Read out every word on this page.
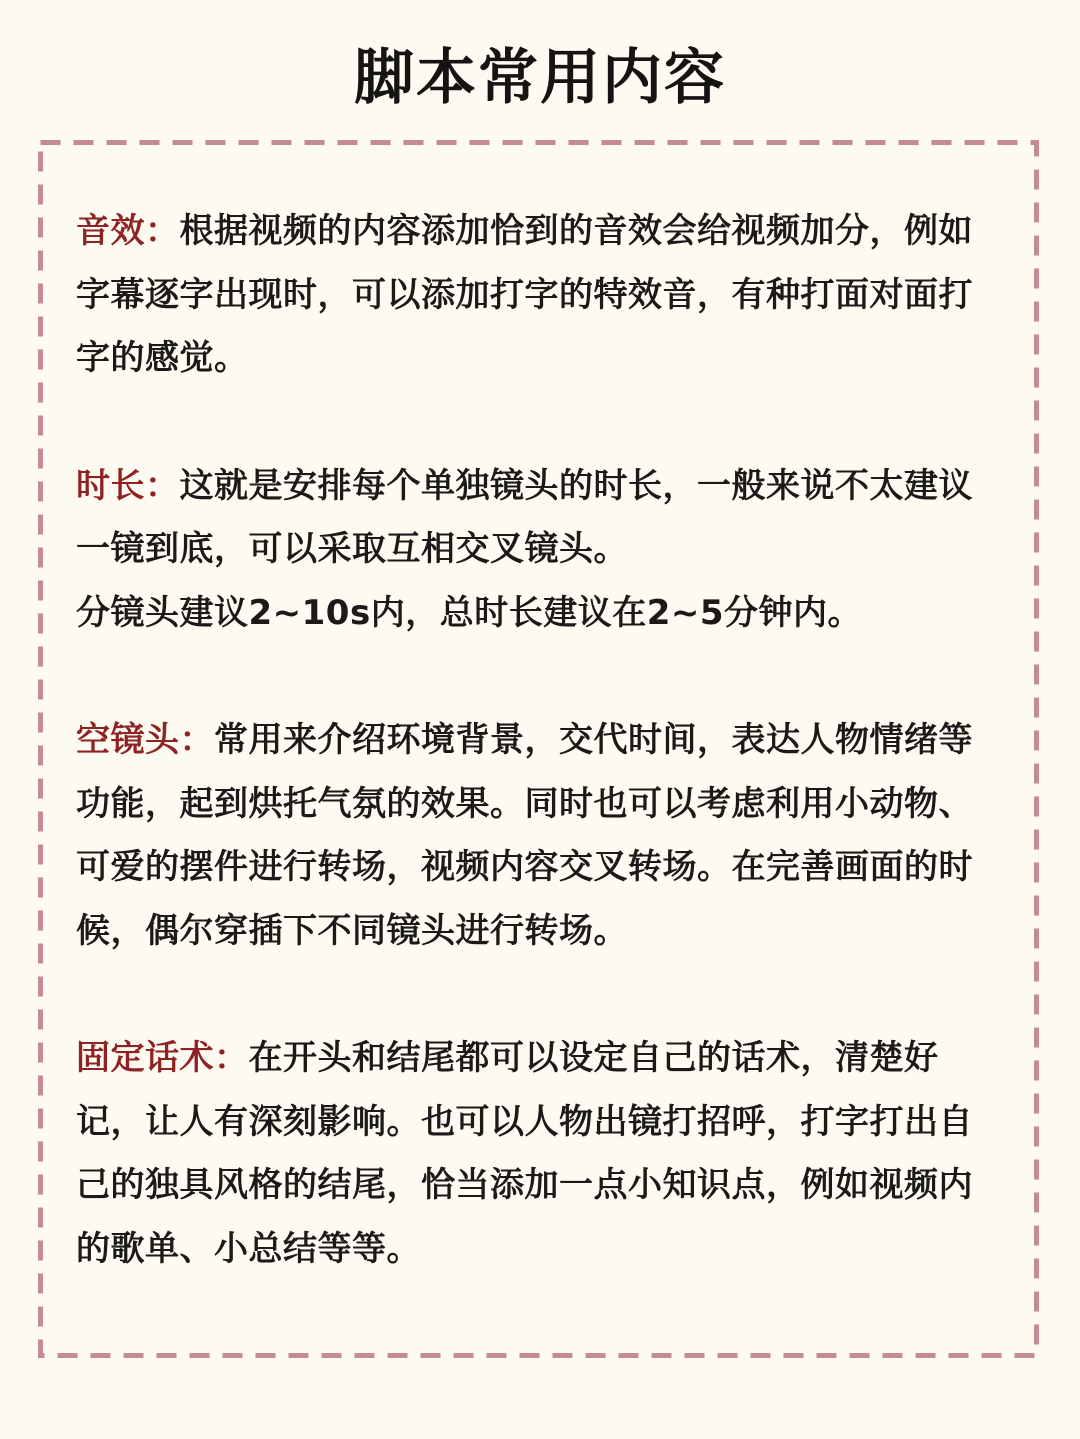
脚本常用内容

音效：根据视频的内容添加恰到的音效会给视频加分，例如字幕逐字出现时，可以添加打字的特效音，有种打面对面打字的感觉。

时长：这就是安排每个单独镜头的时长，一般来说不太建议一镜到底，可以采取互相交叉镜头。

分镜头建议2~10s内，总时长建议在2~5分钟内。

空镜头：常用来介绍环境背景，交代时间，表达人物情绪等功能，起到烘托气氛的效果。同时也可以考虑利用小动物、可爱的摆件进行转场，视频内容交叉转场。在完善画面的时候，偶尔穿插下不同镜头进行转场。

固定话术：在开头和结尾都可以设定自己的话术，清楚好记，让人有深刻影响。也可以人物出镜打招呼，打字打出自己的独具风格的结尾，恰当添加一点小知识点，例如视频内的歌单、小总结等等。
